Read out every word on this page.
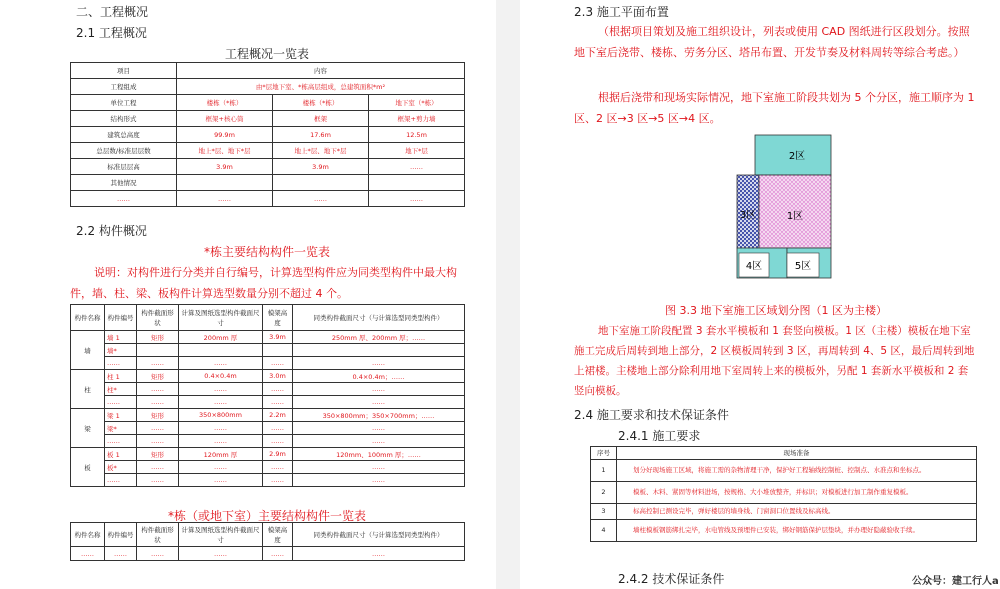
二、工程概况
2.1 工程概况
工程概况一览表
项目	内容		
工程组成	由*层地下室、*栋高层组成，总建筑面积*m²		
单位工程	楼栋（*栋）	楼栋（*栋）	地下室（*栋）
结构形式	框架+核心筒	框架	框架+剪力墙
建筑总高度	99.9m	17.6m	12.5m
总层数/标准层层数	地上*层、地下*层	地上*层、地下*层	地下*层
标准层层高	3.9m	3.9m	……
其他情况			
……	……	……	……
2.2 构件概况
*栋主要结构构件一览表
说明：对构件进行分类并自行编号，计算选型构件应为同类型构件中最大构件，墙、柱、梁、板构件计算选型数量分别不超过 4 个。
构件名称	构件编号	构件截面形状	计算及图纸选型构件截面尺寸	模架高度	同类构件截面尺寸（与计算选型同类型构件）
墙	墙 1	矩形	200mm 厚	3.9m	250mm 厚、200mm 厚；……
	墙*				
	……	……	……	……	……
柱	柱 1	矩形	0.4×0.4m	3.0m	0.4×0.4m；……
	柱*	……	……	……	……
	……	……	……	……	……
梁	梁 1	矩形	350×800mm	2.2m	350×800mm；350×700mm；……
	梁*	……	……	……	……
	……	……	……	……	……
板	板 1	矩形	120mm 厚	2.9m	120mm、100mm 厚；……
	板*	……	……	……	……
	……	……	……	……	……
*栋（或地下室）主要结构构件一览表
构件名称	构件编号	构件截面形状	计算及图纸选型构件截面尺寸	模架高度	同类构件截面尺寸（与计算选型同类型构件）
……	……	……	……	……	……
2.3 施工平面布置
（根据项目策划及施工组织设计，列表或使用 CAD 图纸进行区段划分。按照地下室后浇带、楼栋、劳务分区、塔吊布置、开发节奏及材料周转等综合考虑。）
根据后浇带和现场实际情况，地下室施工阶段共划为 5 个分区，施工顺序为 1 区、2 区→3 区→5 区→4 区。
2区
3区	1区
4区	5区
图 3.3 地下室施工区域划分图（1 区为主楼）
地下室施工阶段配置 3 套水平模板和 1 套竖向模板。1 区（主楼）模板在地下室施工完成后周转到地上部分，2 区模板周转到 3 区，再周转到 4、5 区，最后周转到地上裙楼。主楼地上部分除利用地下室周转上来的模板外，另配 1 套新水平模板和 2 套竖向模板。
2.4 施工要求和技术保证条件
2.4.1 施工要求
序号	现场准备
1	划分好现场施工区域，将施工需的杂物清理干净，保护好工程轴线控制桩、控制点、水准点和坐标点。
2	模板、木料、紧固等材料进场，按规格、大小堆放整齐，并标识；对模板进行加工制作重复模板。
3	标高控制已测设完毕，弹好楼层的墙身线、门窗洞口位置线及标高线。
4	墙柱模板钢筋绑扎完毕，水电管线及预埋件已安装，绑好钢筋保护层垫块，并办理好隐蔽验收手续。
2.4.2 技术保证条件	公众号：建工行人a
